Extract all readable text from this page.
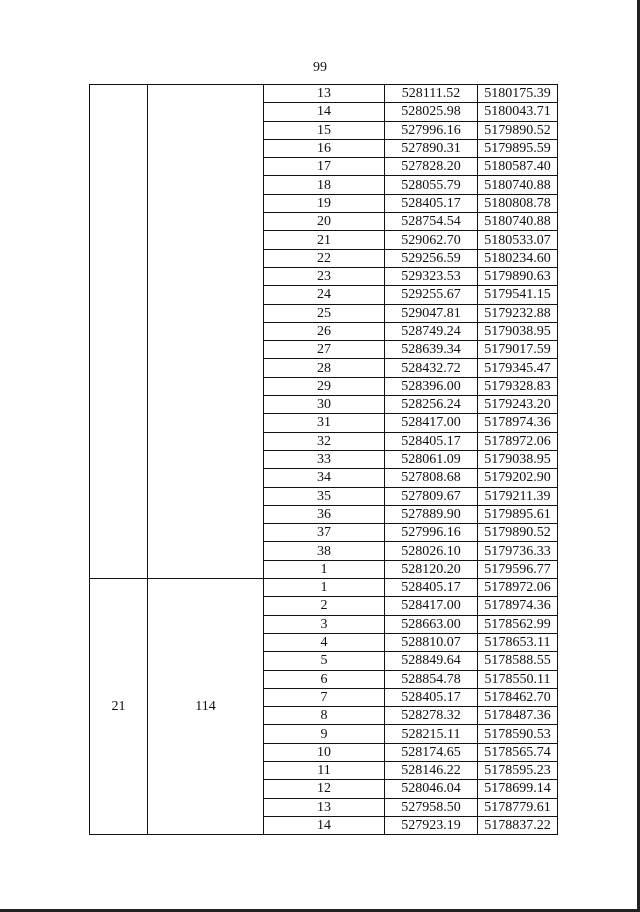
99
		13	528111.52	5180175.39
		14	528025.98	5180043.71
		15	527996.16	5179890.52
		16	527890.31	5179895.59
		17	527828.20	5180587.40
		18	528055.79	5180740.88
		19	528405.17	5180808.78
		20	528754.54	5180740.88
		21	529062.70	5180533.07
		22	529256.59	5180234.60
		23	529323.53	5179890.63
		24	529255.67	5179541.15
		25	529047.81	5179232.88
		26	528749.24	5179038.95
		27	528639.34	5179017.59
		28	528432.72	5179345.47
		29	528396.00	5179328.83
		30	528256.24	5179243.20
		31	528417.00	5178974.36
		32	528405.17	5178972.06
		33	528061.09	5179038.95
		34	527808.68	5179202.90
		35	527809.67	5179211.39
		36	527889.90	5179895.61
		37	527996.16	5179890.52
		38	528026.10	5179736.33
		1	528120.20	5179596.77
21	114	1	528405.17	5178972.06
		2	528417.00	5178974.36
		3	528663.00	5178562.99
		4	528810.07	5178653.11
		5	528849.64	5178588.55
		6	528854.78	5178550.11
		7	528405.17	5178462.70
		8	528278.32	5178487.36
		9	528215.11	5178590.53
		10	528174.65	5178565.74
		11	528146.22	5178595.23
		12	528046.04	5178699.14
		13	527958.50	5178779.61
		14	527923.19	5178837.22
